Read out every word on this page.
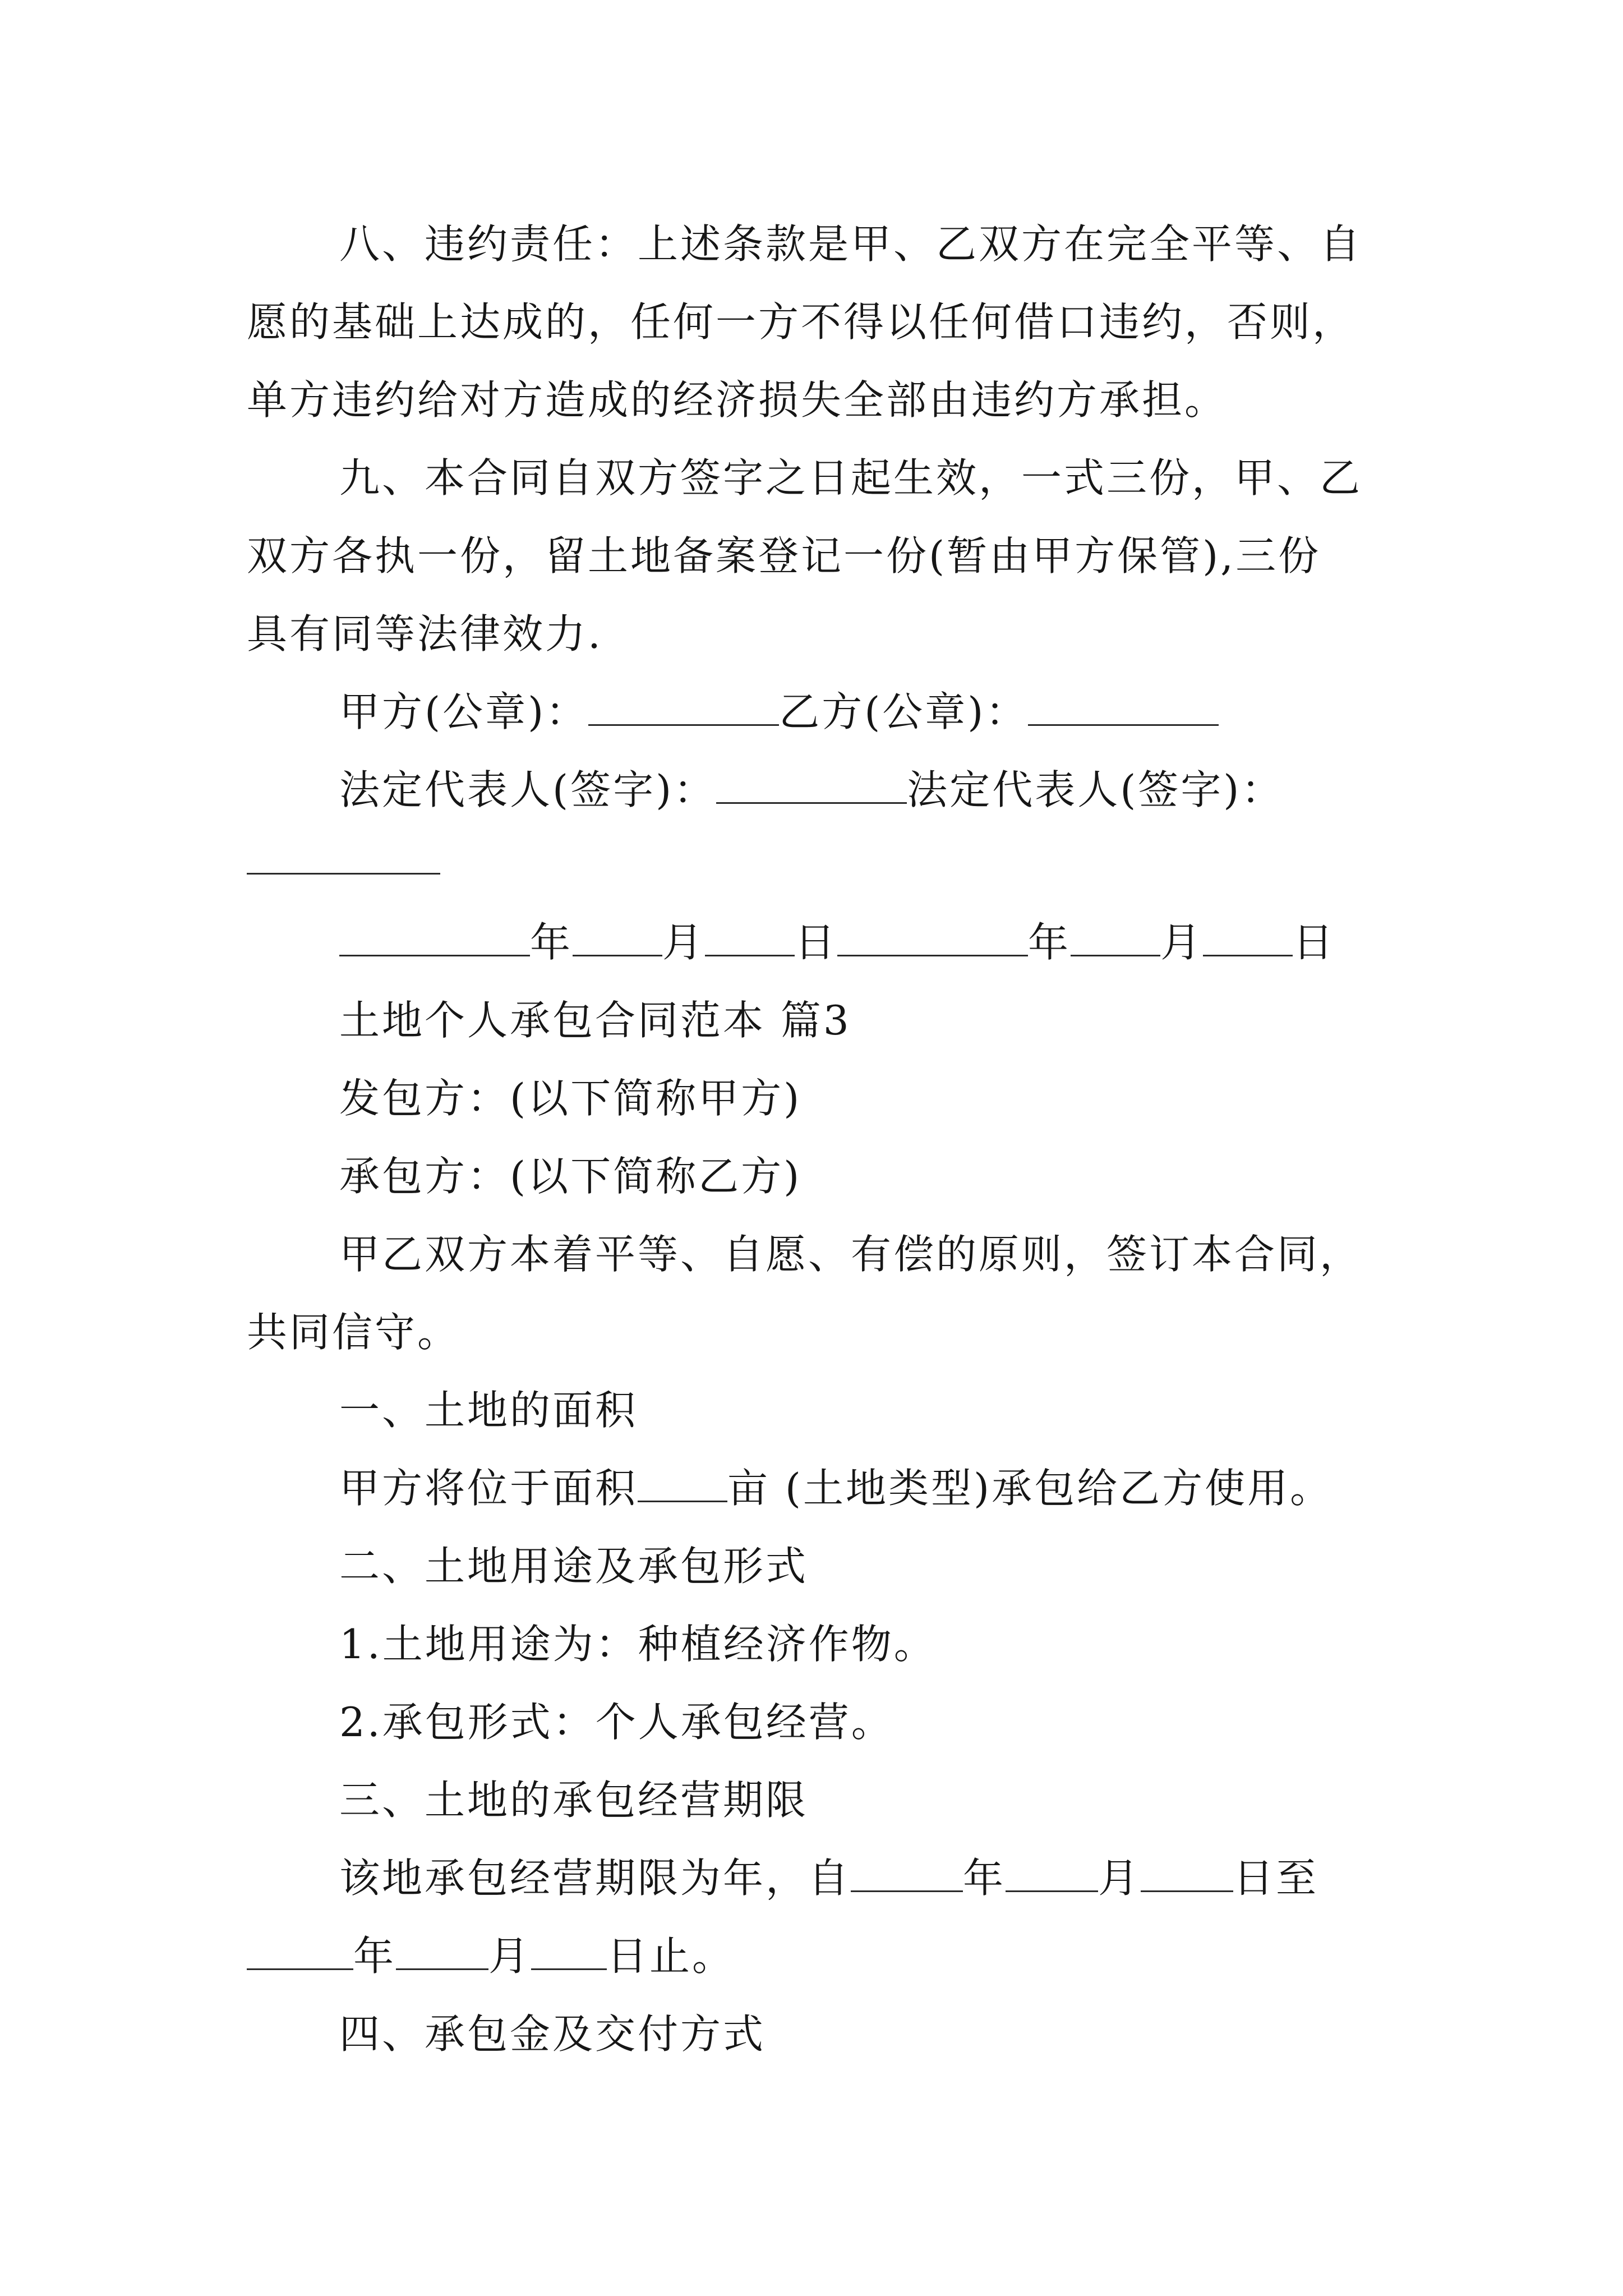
八、违约责任：上述条款是甲、乙双方在完全平等、自
愿的基础上达成的，任何一方不得以任何借口违约，否则，
单方违约给对方造成的经济损失全部由违约方承担。
九、本合同自双方签字之日起生效，一式三份，甲、乙
双方各执一份，留土地备案登记一份(暂由甲方保管),三份
具有同等法律效力.
甲方(公章)：	乙方(公章)：
法定代表人(签字)：	法定代表人(签字)：
年 月 日	年 月 日
土地个人承包合同范本 篇3
发包方：(以下简称甲方)
承包方：(以下简称乙方)
甲乙双方本着平等、自愿、有偿的原则，签订本合同，
共同信守。
一、土地的面积
甲方将位于面积 亩 (土地类型)承包给乙方使用。
二、土地用途及承包形式
1.土地用途为：种植经济作物。
2.承包形式：个人承包经营。
三、土地的承包经营期限
该地承包经营期限为年，自	年 月 日至
年 月 日止。
四、承包金及交付方式
